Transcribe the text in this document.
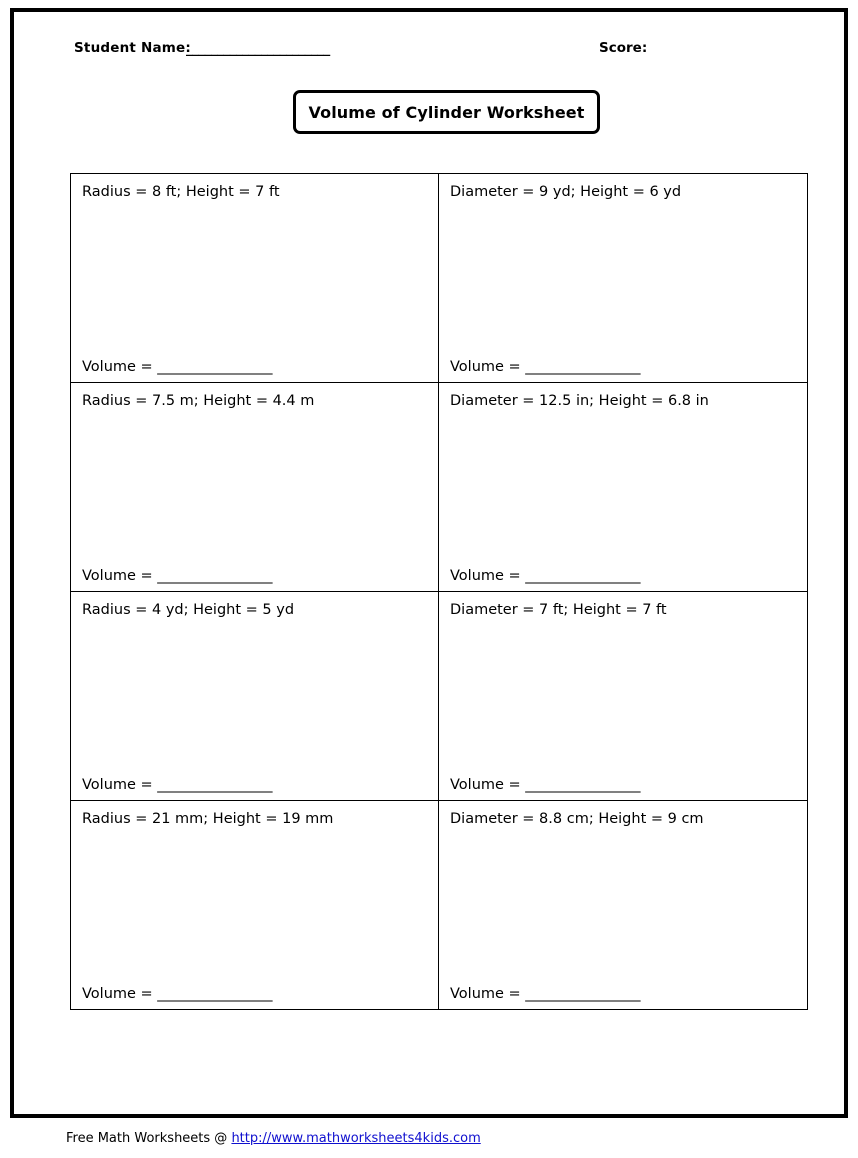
Student Name:
_______________________	Score:
Volume of Cylinder Worksheet
Radius = 8 ft; Height = 7 ft
Volume = _________________
Diameter = 9 yd; Height = 6 yd
Volume = _________________
Radius = 7.5 m; Height = 4.4 m
Volume = _________________
Diameter = 12.5 in; Height = 6.8 in
Volume = _________________
Radius = 4 yd; Height = 5 yd
Volume = _________________
Diameter = 7 ft; Height = 7 ft
Volume = _________________
Radius = 21 mm; Height = 19 mm
Volume = _________________
Diameter = 8.8 cm; Height = 9 cm
Volume = _________________
Free Math Worksheets @ http://www.mathworksheets4kids.com
